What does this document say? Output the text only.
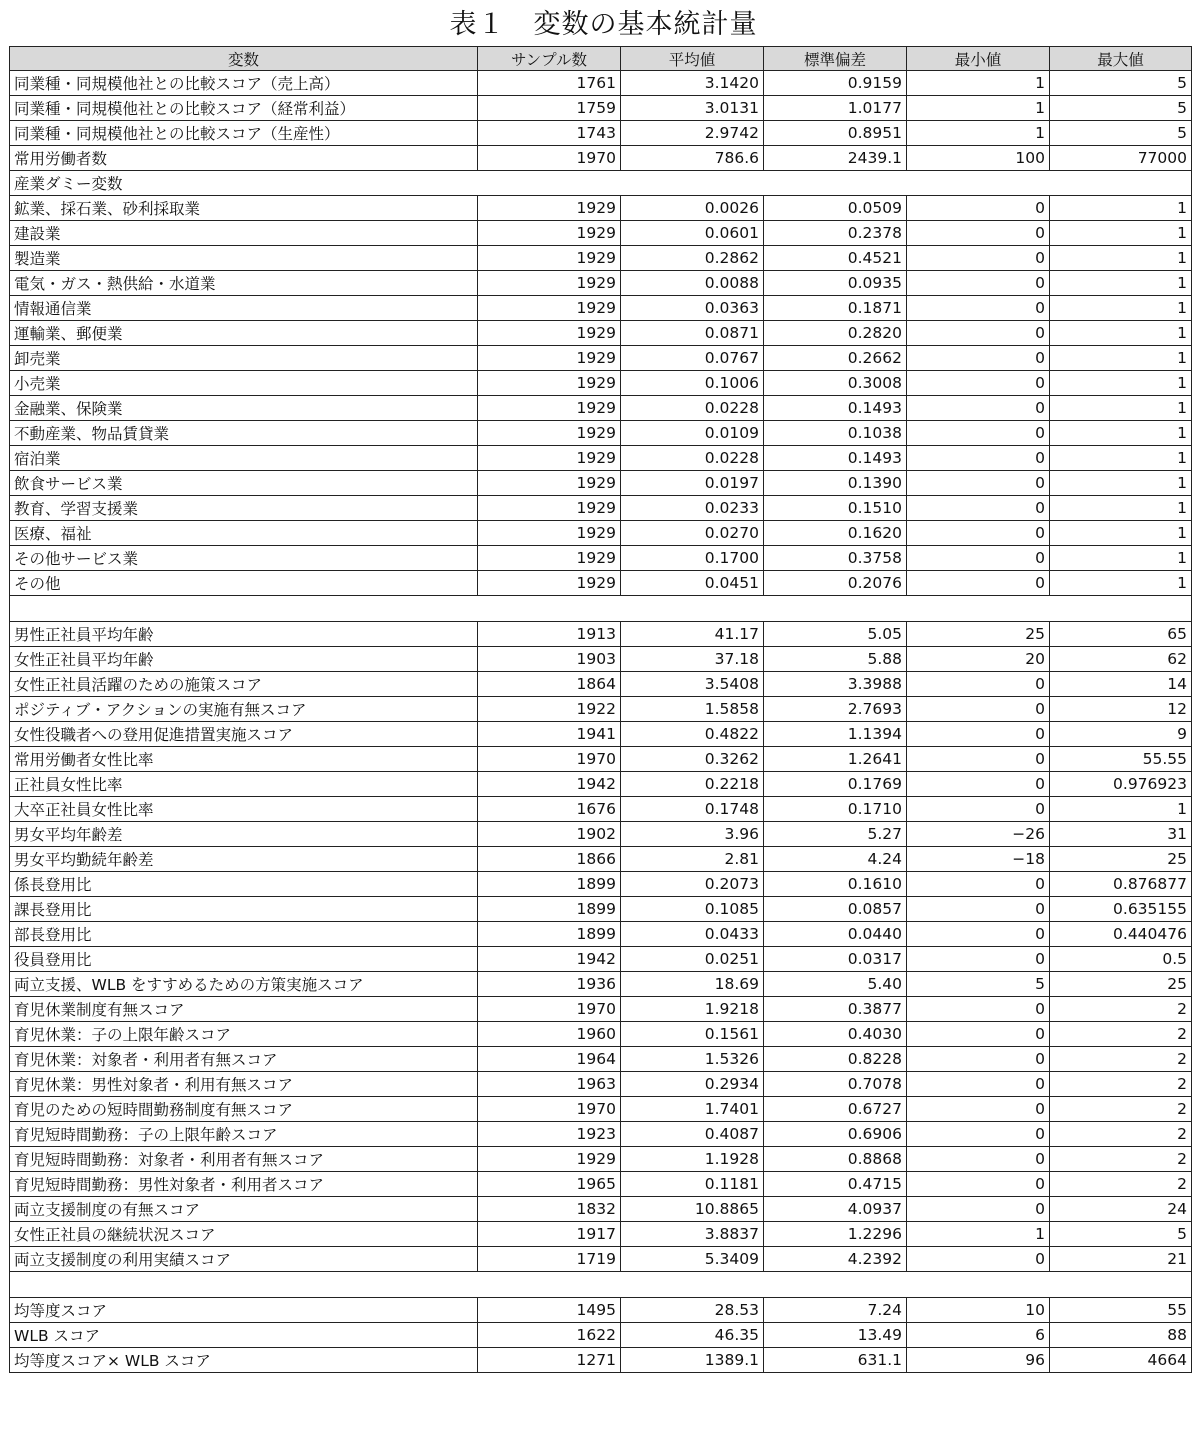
表１ 変数の基本統計量
変数	サンプル数	平均値	標準偏差	最小値	最大値
同業種・同規模他社との比較スコア（売上高）	1761	3.1420	0.9159	1	5
同業種・同規模他社との比較スコア（経常利益）	1759	3.0131	1.0177	1	5
同業種・同規模他社との比較スコア（生産性）	1743	2.9742	0.8951	1	5
常用労働者数	1970	786.6	2439.1	100	77000
産業ダミー変数					
鉱業、採石業、砂利採取業	1929	0.0026	0.0509	0	1
建設業	1929	0.0601	0.2378	0	1
製造業	1929	0.2862	0.4521	0	1
電気・ガス・熱供給・水道業	1929	0.0088	0.0935	0	1
情報通信業	1929	0.0363	0.1871	0	1
運輸業、郵便業	1929	0.0871	0.2820	0	1
卸売業	1929	0.0767	0.2662	0	1
小売業	1929	0.1006	0.3008	0	1
金融業、保険業	1929	0.0228	0.1493	0	1
不動産業、物品賃貸業	1929	0.0109	0.1038	0	1
宿泊業	1929	0.0228	0.1493	0	1
飲食サービス業	1929	0.0197	0.1390	0	1
教育、学習支援業	1929	0.0233	0.1510	0	1
医療、福祉	1929	0.0270	0.1620	0	1
その他サービス業	1929	0.1700	0.3758	0	1
その他	1929	0.0451	0.2076	0	1

男性正社員平均年齢	1913	41.17	5.05	25	65
女性正社員平均年齢	1903	37.18	5.88	20	62
女性正社員活躍のための施策スコア	1864	3.5408	3.3988	0	14
ポジティブ・アクションの実施有無スコア	1922	1.5858	2.7693	0	12
女性役職者への登用促進措置実施スコア	1941	0.4822	1.1394	0	9
常用労働者女性比率	1970	0.3262	1.2641	0	55.55
正社員女性比率	1942	0.2218	0.1769	0	0.976923
大卒正社員女性比率	1676	0.1748	0.1710	0	1
男女平均年齢差	1902	3.96	5.27	−26	31
男女平均勤続年齢差	1866	2.81	4.24	−18	25
係長登用比	1899	0.2073	0.1610	0	0.876877
課長登用比	1899	0.1085	0.0857	0	0.635155
部長登用比	1899	0.0433	0.0440	0	0.440476
役員登用比	1942	0.0251	0.0317	0	0.5
両立支援、WLB をすすめるための方策実施スコア	1936	18.69	5.40	5	25
育児休業制度有無スコア	1970	1.9218	0.3877	0	2
育児休業：子の上限年齢スコア	1960	0.1561	0.4030	0	2
育児休業：対象者・利用者有無スコア	1964	1.5326	0.8228	0	2
育児休業：男性対象者・利用有無スコア	1963	0.2934	0.7078	0	2
育児のための短時間勤務制度有無スコア	1970	1.7401	0.6727	0	2
育児短時間勤務：子の上限年齢スコア	1923	0.4087	0.6906	0	2
育児短時間勤務：対象者・利用者有無スコア	1929	1.1928	0.8868	0	2
育児短時間勤務：男性対象者・利用者スコア	1965	0.1181	0.4715	0	2
両立支援制度の有無スコア	1832	10.8865	4.0937	0	24
女性正社員の継続状況スコア	1917	3.8837	1.2296	1	5
両立支援制度の利用実績スコア	1719	5.3409	4.2392	0	21

均等度スコア	1495	28.53	7.24	10	55
WLB スコア	1622	46.35	13.49	6	88
均等度スコア× WLB スコア	1271	1389.1	631.1	96	4664
